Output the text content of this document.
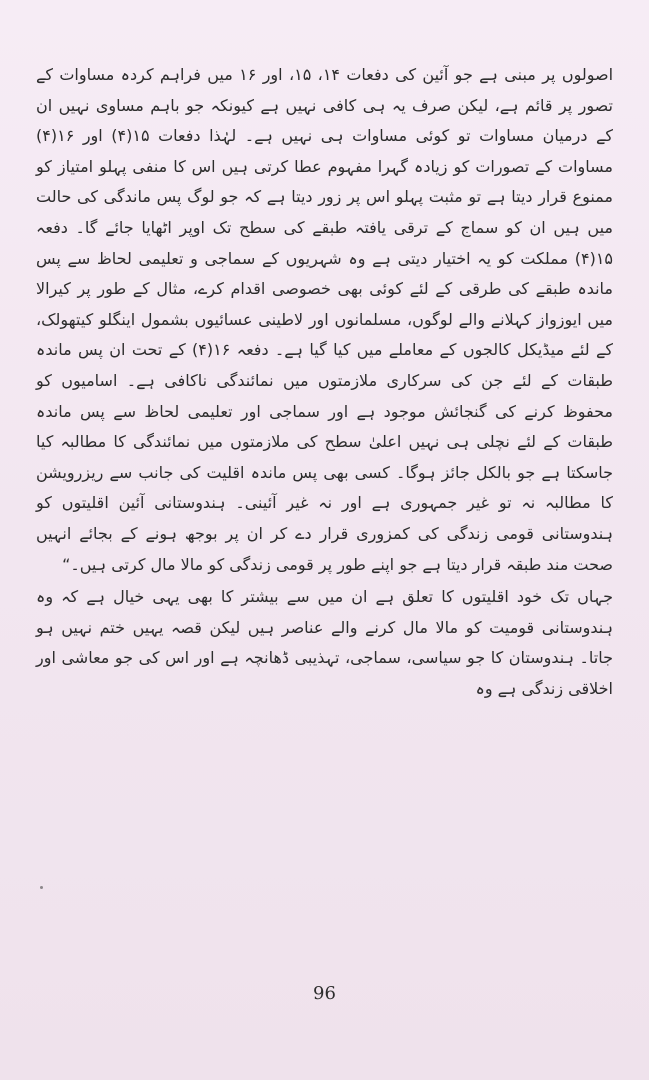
اصولوں پر مبنی ہے جو آئین کی دفعات ۱۴، ۱۵، اور ۱۶ میں فراہم کردہ مساوات کے تصور پر قائم ہے، لیکن صرف یہ ہی کافی نہیں ہے کیونکہ جو باہم مساوی نہیں ان کے درمیان مساوات تو کوئی مساوات ہی نہیں ہے۔ لہٰذا دفعات ۱۵(۴) اور ۱۶(۴) مساوات کے تصورات کو زیادہ گہرا مفہوم عطا کرتی ہیں اس کا منفی پہلو امتیاز کو ممنوع قرار دیتا ہے تو مثبت پہلو اس پر زور دیتا ہے کہ جو لوگ پس ماندگی کی حالت میں ہیں ان کو سماج کے ترقی یافتہ طبقے کی سطح تک اوپر اٹھایا جائے گا۔ دفعہ ۱۵(۴) مملکت کو یہ اختیار دیتی ہے وہ شہریوں کے سماجی و تعلیمی لحاظ سے پس ماندہ طبقے کی طرقی کے لئے کوئی بھی خصوصی اقدام کرے، مثال کے طور پر کیرالا میں ایوزواز کہلانے والے لوگوں، مسلمانوں اور لاطینی عسائیوں بشمول اینگلو کیتھولک، کے لئے میڈیکل کالجوں کے معاملے میں کیا گیا ہے۔ دفعہ ۱۶(۴) کے تحت ان پس ماندہ طبقات کے لئے جن کی سرکاری ملازمتوں میں نمائندگی ناکافی ہے۔ اسامیوں کو محفوظ کرنے کی گنجائش موجود ہے اور سماجی اور تعلیمی لحاظ سے پس ماندہ طبقات کے لئے نچلی ہی نہیں اعلیٰ سطح کی ملازمتوں میں نمائندگی کا مطالبہ کیا جاسکتا ہے جو بالکل جائز ہوگا۔ کسی بھی پس ماندہ اقلیت کی جانب سے ریزرویشن کا مطالبہ نہ تو غیر جمہوری ہے اور نہ غیر آئینی۔ ہندوستانی آئین اقلیتوں کو ہندوستانی قومی زندگی کی کمزوری قرار دے کر ان پر بوجھ ہونے کے بجائے انہیں صحت مند طبقہ قرار دیتا ہے جو اپنے طور پر قومی زندگی کو مالا مال کرتی ہیں۔“

جہاں تک خود اقلیتوں کا تعلق ہے ان میں سے بیشتر کا بھی یہی خیال ہے کہ وہ ہندوستانی قومیت کو مالا مال کرنے والے عناصر ہیں لیکن قصہ یہیں ختم نہیں ہو جاتا۔ ہندوستان کا جو سیاسی، سماجی، تہذیبی ڈھانچہ ہے اور اس کی جو معاشی اور اخلاقی زندگی ہے وہ

96
